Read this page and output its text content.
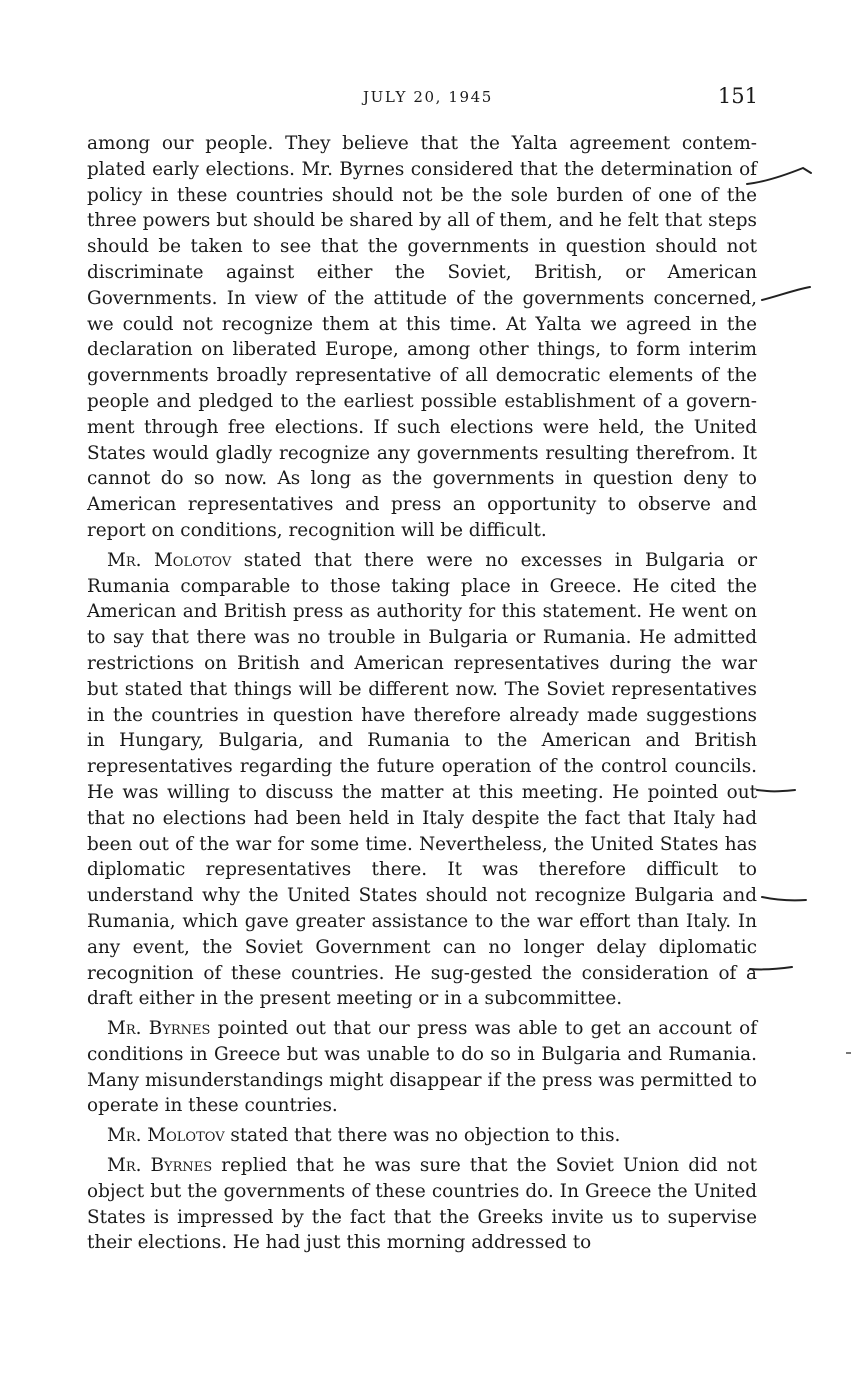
JULY 20, 1945	151

among our people. They believe that the Yalta agreement contem-plated early elections. Mr. Byrnes considered that the determination of policy in these countries should not be the sole burden of one of the three powers but should be shared by all of them, and he felt that steps should be taken to see that the governments in question should not discriminate against either the Soviet, British, or American Governments. In view of the attitude of the governments concerned, we could not recognize them at this time. At Yalta we agreed in the declaration on liberated Europe, among other things, to form interim governments broadly representative of all democratic elements of the people and pledged to the earliest possible establishment of a govern-ment through free elections. If such elections were held, the United States would gladly recognize any governments resulting therefrom. It cannot do so now. As long as the governments in question deny to American representatives and press an opportunity to observe and report on conditions, recognition will be difficult.

Mr. Molotov stated that there were no excesses in Bulgaria or Rumania comparable to those taking place in Greece. He cited the American and British press as authority for this statement. He went on to say that there was no trouble in Bulgaria or Rumania. He admitted restrictions on British and American representatives during the war but stated that things will be different now. The Soviet representatives in the countries in question have therefore already made suggestions in Hungary, Bulgaria, and Rumania to the American and British representatives regarding the future operation of the control councils. He was willing to discuss the matter at this meeting. He pointed out that no elections had been held in Italy despite the fact that Italy had been out of the war for some time. Nevertheless, the United States has diplomatic representatives there. It was therefore difficult to understand why the United States should not recognize Bulgaria and Rumania, which gave greater assistance to the war effort than Italy. In any event, the Soviet Government can no longer delay diplomatic recognition of these countries. He sug-gested the consideration of a draft either in the present meeting or in a subcommittee.

Mr. Byrnes pointed out that our press was able to get an account of conditions in Greece but was unable to do so in Bulgaria and Rumania. Many misunderstandings might disappear if the press was permitted to operate in these countries.

Mr. Molotov stated that there was no objection to this.

Mr. Byrnes replied that he was sure that the Soviet Union did not object but the governments of these countries do. In Greece the United States is impressed by the fact that the Greeks invite us to supervise their elections. He had just this morning addressed to
